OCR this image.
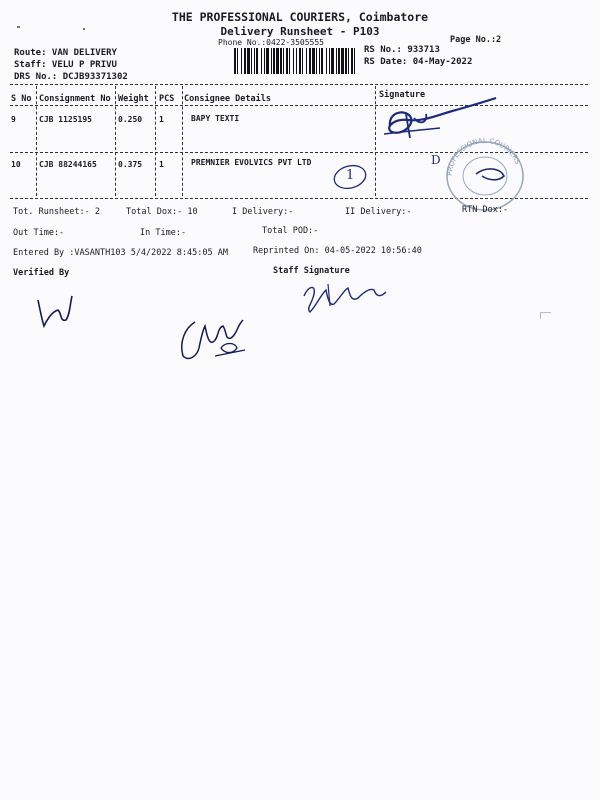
THE PROFESSIONAL COURIERS, Coimbatore
Delivery Runsheet - P103
Phone No.:0422-3505555	Page No.:2
Route: VAN DELIVERY
Staff: VELU P PRIVU
DRS No.: DCJB93371302
RS No.: 933713
RS Date: 04-May-2022
S No Consignment No Weight PCS Consignee Details	Signature
9	CJB 1125195	0.250 1	BAPY TEXTI
10 CJB 88244165	0.375 1	PREMNIER EVOLVICS PVT LTD
1
D
PROFESSIONAL COURIERS
Tot. Runsheet:- 2	Total Dox:- 10	I Delivery:-	II Delivery:-	RTN Dox:-
Out Time:-	In Time:-	Total POD:-
Entered By :VASANTH103 5/4/2022 8:45:05 AM	Reprinted On: 04-05-2022 10:56:40
Verified By	Staff Signature
